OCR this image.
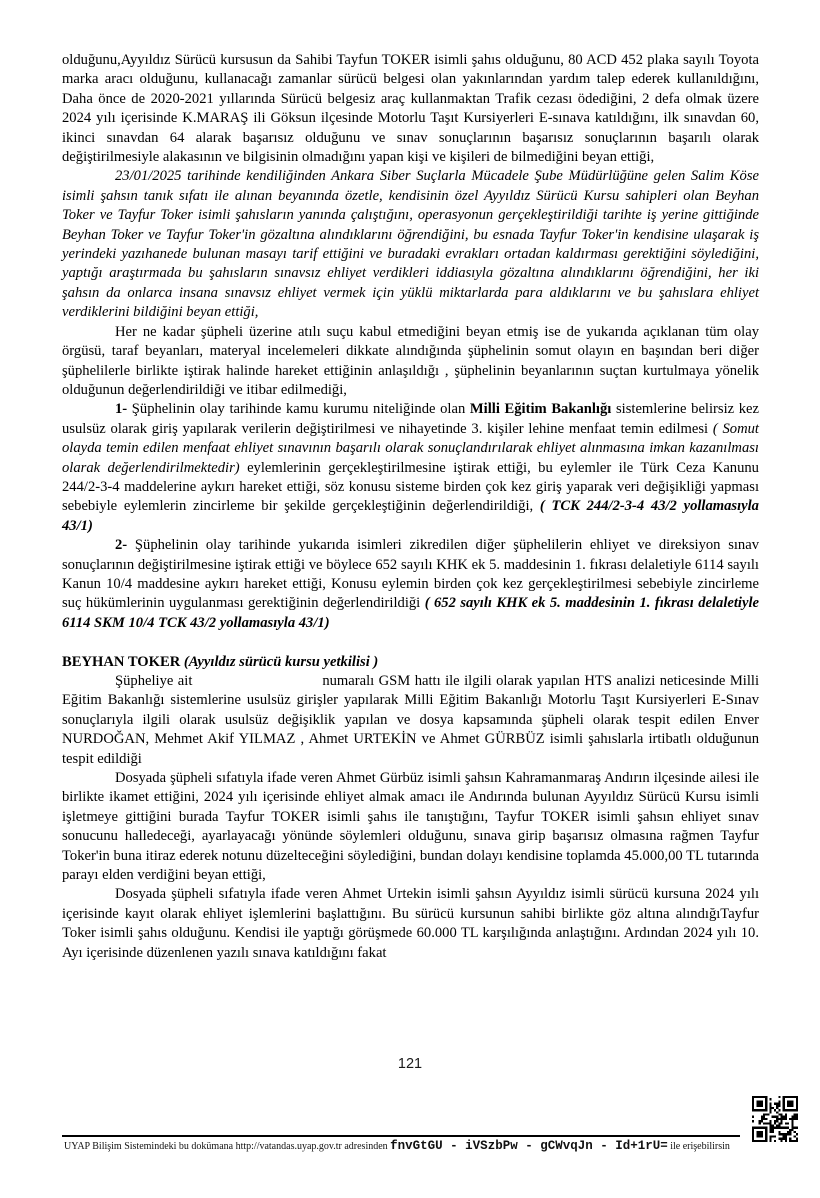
olduğunu,Ayyıldız Sürücü kursusun da Sahibi Tayfun TOKER isimli şahıs olduğunu, 80 ACD 452 plaka sayılı Toyota marka aracı olduğunu, kullanacağı zamanlar sürücü belgesi olan yakınlarından yardım talep ederek kullanıldığını, Daha önce de 2020-2021 yıllarında Sürücü belgesiz araç kullanmaktan Trafik cezası ödediğini, 2 defa olmak üzere 2024 yılı içerisinde K.MARAŞ ili Göksun ilçesinde Motorlu Taşıt Kursiyerleri E-sınava katıldığını, ilk sınavdan 60, ikinci sınavdan 64 alarak başarısız olduğunu ve sınav sonuçlarının başarısız sonuçlarının başarılı olarak değiştirilmesiyle alakasının ve bilgisinin olmadığını yapan kişi ve kişileri de bilmediğini beyan ettiği,

23/01/2025 tarihinde kendiliğinden Ankara Siber Suçlarla Mücadele Şube Müdürlüğüne gelen Salim Köse isimli şahsın tanık sıfatı ile alınan beyanında özetle, kendisinin özel Ayyıldız Sürücü Kursu sahipleri olan Beyhan Toker ve Tayfur Toker isimli şahısların yanında çalıştığını, operasyonun gerçekleştirildiği tarihte iş yerine gittiğinde Beyhan Toker ve Tayfur Toker'in gözaltına alındıklarını öğrendiğini, bu esnada Tayfur Toker'in kendisine ulaşarak iş yerindeki yazıhanede bulunan masayı tarif ettiğini ve buradaki evrakları ortadan kaldırması gerektiğini söylediğini, yaptığı araştırmada bu şahısların sınavsız ehliyet verdikleri iddiasıyla gözaltına alındıklarını öğrendiğini, her iki şahsın da onlarca insana sınavsız ehliyet vermek için yüklü miktarlarda para aldıklarını ve bu şahıslara ehliyet verdiklerini bildiğini beyan ettiği,

Her ne kadar şüpheli üzerine atılı suçu kabul etmediğini beyan etmiş ise de yukarıda açıklanan tüm olay örgüsü, taraf beyanları, materyal incelemeleri dikkate alındığında şüphelinin somut olayın en başından beri diğer şüphelilerle birlikte iştirak halinde hareket ettiğinin anlaşıldığı , şüphelinin beyanlarının suçtan kurtulmaya yönelik olduğunun değerlendirildiği ve itibar edilmediği,

1- Şüphelinin olay tarihinde kamu kurumu niteliğinde olan Milli Eğitim Bakanlığı sistemlerine belirsiz kez usulsüz olarak giriş yapılarak verilerin değiştirilmesi ve nihayetinde 3. kişiler lehine menfaat temin edilmesi ( Somut olayda temin edilen menfaat ehliyet sınavının başarılı olarak sonuçlandırılarak ehliyet alınmasına imkan kazanılması olarak değerlendirilmektedir) eylemlerinin gerçekleştirilmesine iştirak ettiği, bu eylemler ile Türk Ceza Kanunu 244/2-3-4 maddelerine aykırı hareket ettiği, söz konusu sisteme birden çok kez giriş yaparak veri değişikliği yapması sebebiyle eylemlerin zincirleme bir şekilde gerçekleştiğinin değerlendirildiği, ( TCK 244/2-3-4 43/2 yollamasıyla 43/1)

2- Şüphelinin olay tarihinde yukarıda isimleri zikredilen diğer şüphelilerin ehliyet ve direksiyon sınav sonuçlarının değiştirilmesine iştirak ettiği ve böylece 652 sayılı KHK ek 5. maddesinin 1. fıkrası delaletiyle 6114 sayılı Kanun 10/4 maddesine aykırı hareket ettiği, Konusu eylemin birden çok kez gerçekleştirilmesi sebebiyle zincirleme suç hükümlerinin uygulanması gerektiğinin değerlendirildiği ( 652 sayılı KHK ek 5. maddesinin 1. fıkrası delaletiyle 6114 SKM 10/4 TCK 43/2 yollamasıyla 43/1)

BEYHAN TOKER (Ayyıldız sürücü kursu yetkilisi )

Şüpheliye ait	numaralı GSM hattı ile ilgili olarak yapılan HTS analizi neticesinde Milli Eğitim Bakanlığı sistemlerine usulsüz girişler yapılarak Milli Eğitim Bakanlığı Motorlu Taşıt Kursiyerleri E-Sınav sonuçlarıyla ilgili olarak usulsüz değişiklik yapılan ve dosya kapsamında şüpheli olarak tespit edilen Enver NURDOĞAN, Mehmet Akif YILMAZ , Ahmet URTEKİN ve Ahmet GÜRBÜZ isimli şahıslarla irtibatlı olduğunun tespit edildiği

Dosyada şüpheli sıfatıyla ifade veren Ahmet Gürbüz isimli şahsın Kahramanmaraş Andırın ilçesinde ailesi ile birlikte ikamet ettiğini, 2024 yılı içerisinde ehliyet almak amacı ile Andırında bulunan Ayyıldız Sürücü Kursu isimli işletmeye gittiğini burada Tayfur TOKER isimli şahıs ile tanıştığını, Tayfur TOKER isimli şahsın ehliyet sınav sonucunu halledeceği, ayarlayacağı yönünde söylemleri olduğunu, sınava girip başarısız olmasına rağmen Tayfur Toker'in buna itiraz ederek notunu düzelteceğini söylediğini, bundan dolayı kendisine toplamda 45.000,00 TL tutarında parayı elden verdiğini beyan ettiği,

Dosyada şüpheli sıfatıyla ifade veren Ahmet Urtekin isimli şahsın Ayyıldız isimli sürücü kursuna 2024 yılı içerisinde kayıt olarak ehliyet işlemlerini başlattığını. Bu sürücü kursunun sahibi birlikte göz altına alındığıTayfur Toker isimli şahıs olduğunu. Kendisi ile yaptığı görüşmede 60.000 TL karşılığında anlaştığını. Ardından 2024 yılı 10. Ayı içerisinde düzenlenen yazılı sınava katıldığını fakat

121
UYAP Bilişim Sistemindeki bu dokümana http://vatandas.uyap.gov.tr adresinden fnvGtGU - iVSzbPw - gCWvqJn - Id+1rU= ile erişebilirsin
